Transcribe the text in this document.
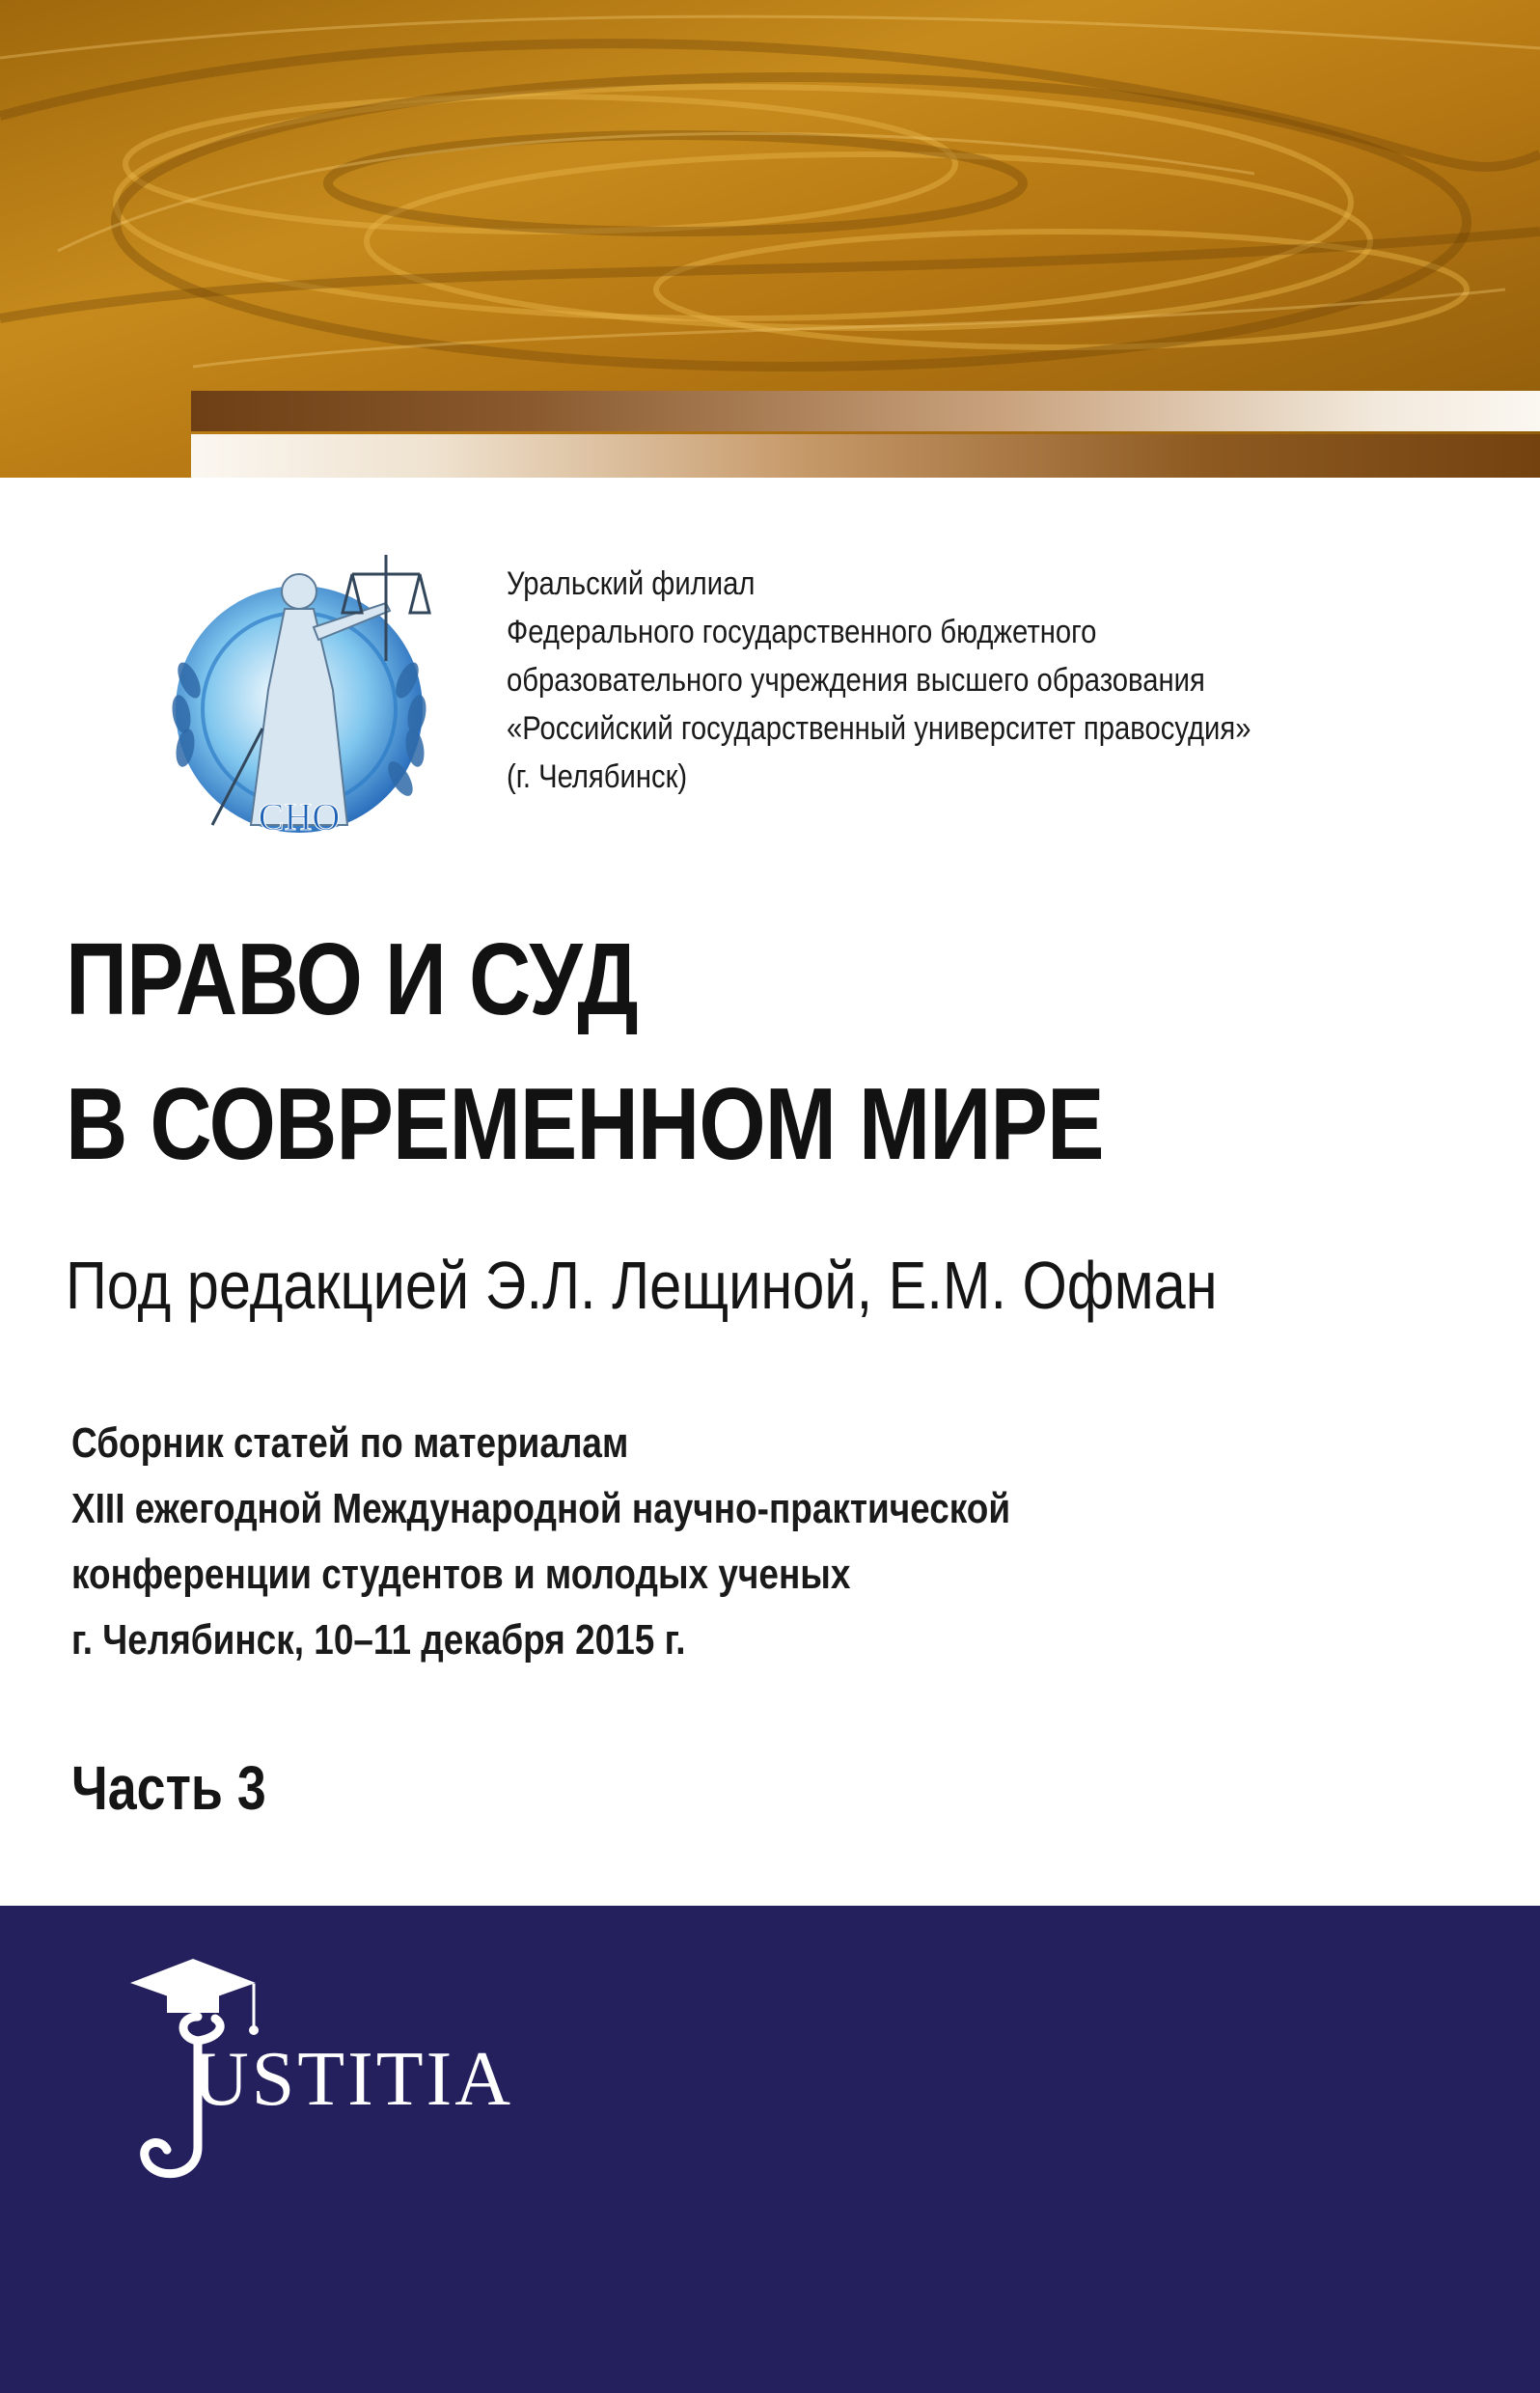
СНО
Уральский филиал
Федерального государственного бюджетного
образовательного учреждения высшего образования
«Российский государственный университет правосудия»
(г. Челябинск)
ПРАВО И СУД
В СОВРЕМЕННОМ МИРЕ
Под редакцией Э.Л. Лещиной, Е.М. Офман
Сборник статей по материалам
XIII ежегодной Международной научно-практической
конференции студентов и молодых ученых
г. Челябинск, 10–11 декабря 2015 г.
Часть 3
USTITIA
